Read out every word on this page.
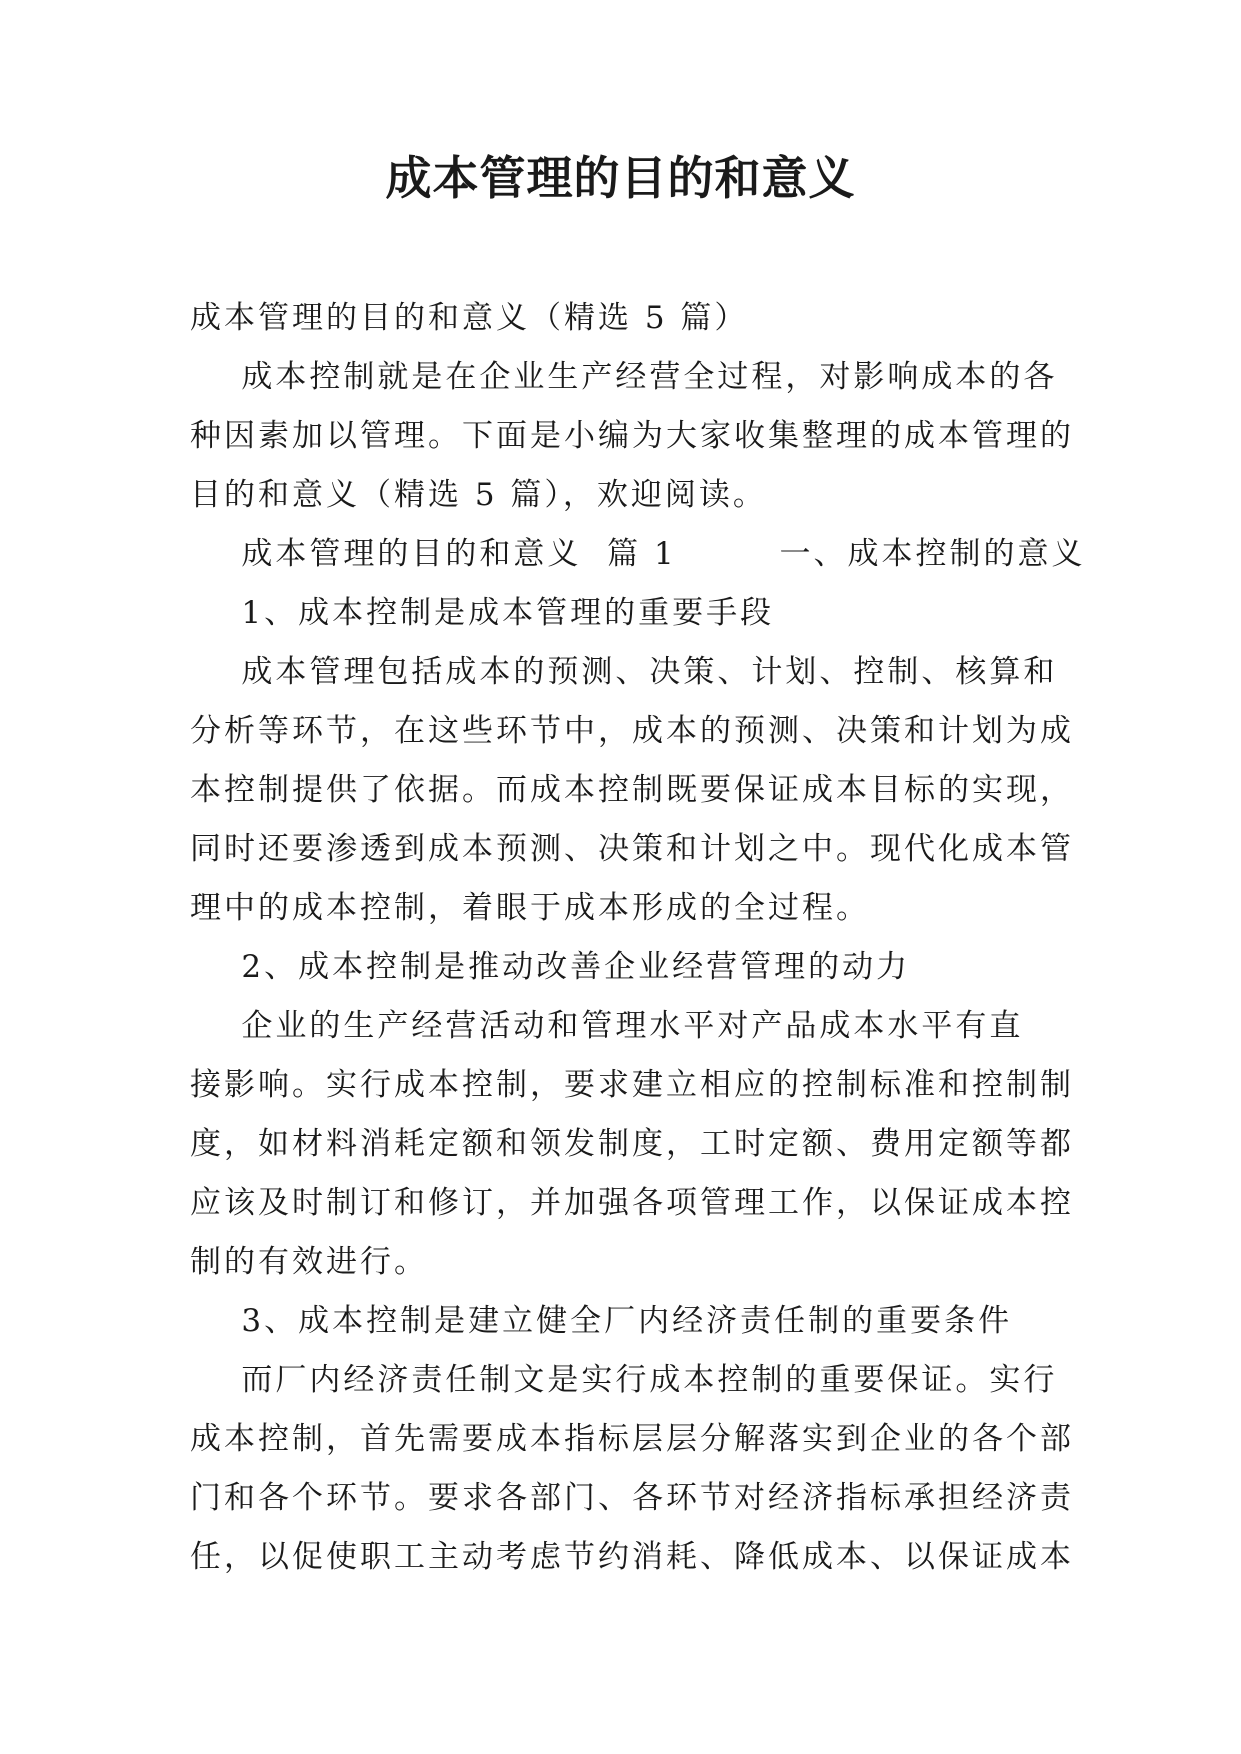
成本管理的目的和意义
成本管理的目的和意义（精选 5 篇）
成本控制就是在企业生产经营全过程，对影响成本的各
种因素加以管理。下面是小编为大家收集整理的成本管理的
目的和意义（精选 5 篇），欢迎阅读。
成本管理的目的和意义  篇 1        一、成本控制的意义
1、成本控制是成本管理的重要手段
成本管理包括成本的预测、决策、计划、控制、核算和
分析等环节，在这些环节中，成本的预测、决策和计划为成
本控制提供了依据。而成本控制既要保证成本目标的实现，
同时还要渗透到成本预测、决策和计划之中。现代化成本管
理中的成本控制，着眼于成本形成的全过程。
2、成本控制是推动改善企业经营管理的动力
企业的生产经营活动和管理水平对产品成本水平有直
接影响。实行成本控制，要求建立相应的控制标准和控制制
度，如材料消耗定额和领发制度，工时定额、费用定额等都
应该及时制订和修订，并加强各项管理工作，以保证成本控
制的有效进行。
3、成本控制是建立健全厂内经济责任制的重要条件
而厂内经济责任制文是实行成本控制的重要保证。实行
成本控制，首先需要成本指标层层分解落实到企业的各个部
门和各个环节。要求各部门、各环节对经济指标承担经济责
任，以促使职工主动考虑节约消耗、降低成本、以保证成本
